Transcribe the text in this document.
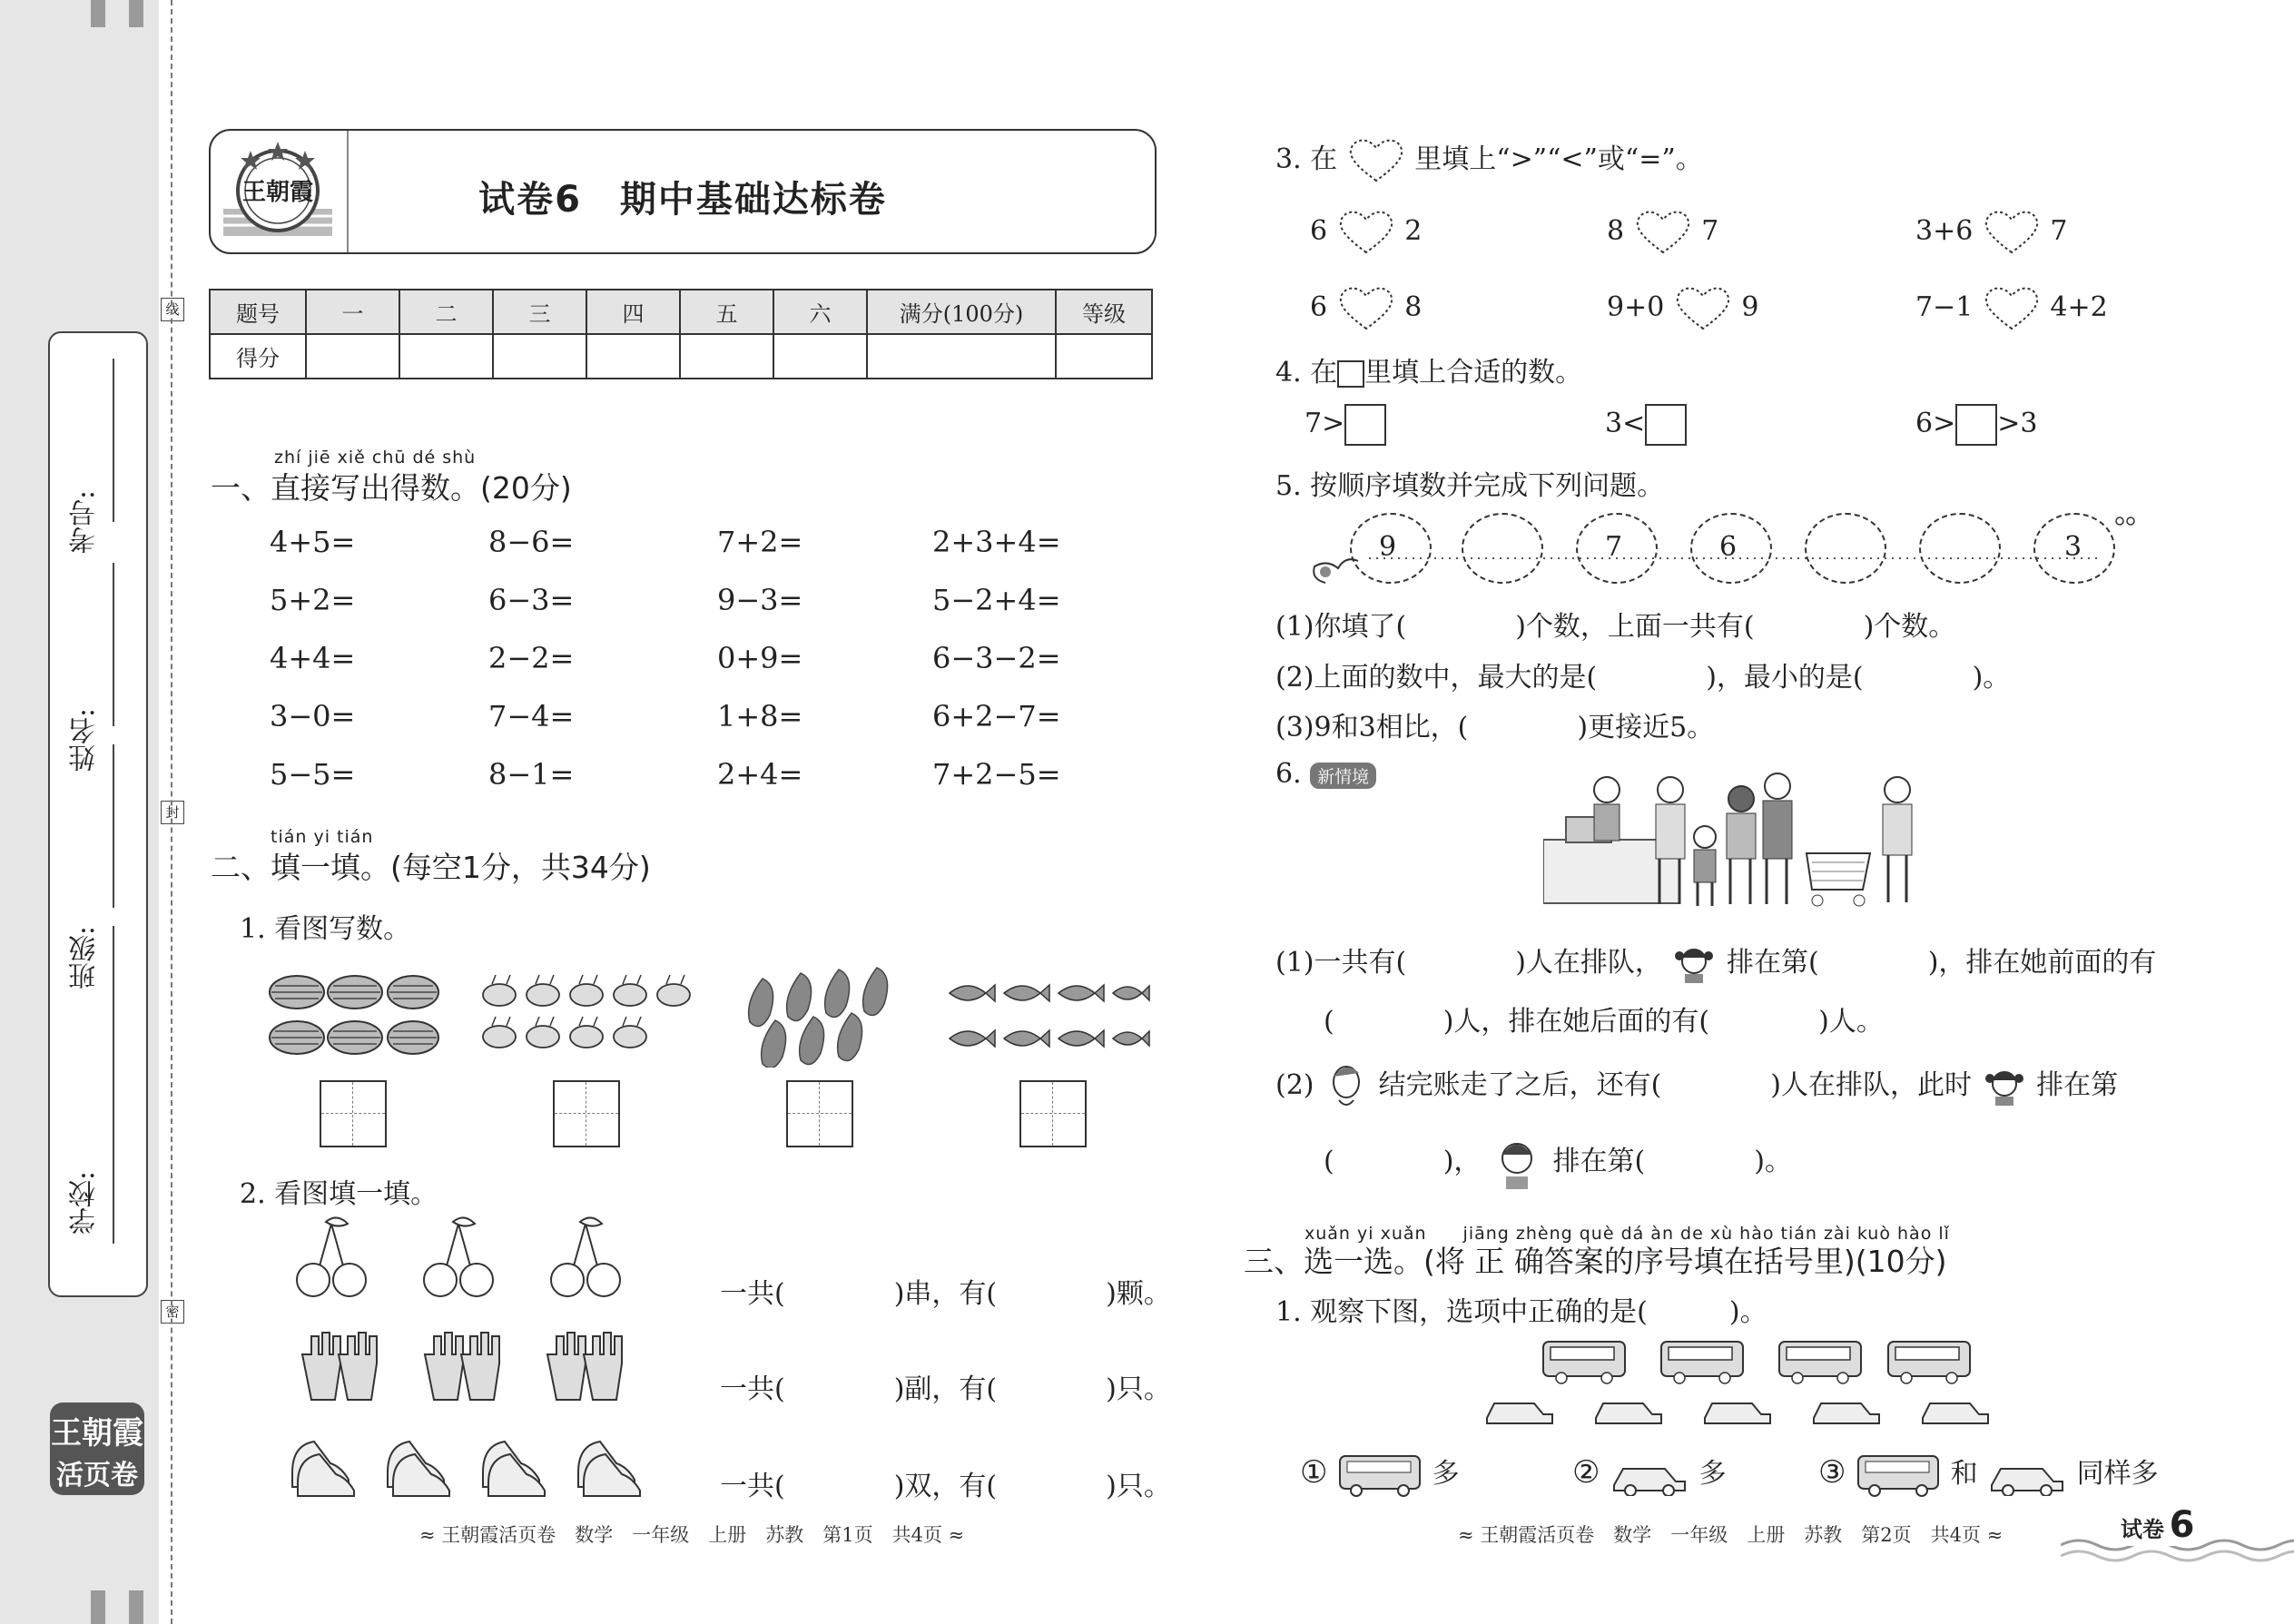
学校:
班级:
姓名:
考号:
线
封
密
王朝霞
活页卷
王朝霞	试卷6　期中基础达标卷
题号	一	二	三	四	五	六	满分(100分)	等级
得分								
zhí jiē xiě chū dé shù
一、直接写出得数。(20分)
4+5=	8−6=	7+2=	2+3+4=
5+2=	6−3=	9−3=	5−2+4=
4+4=	2−2=	0+9=	6−3−2=
3−0=	7−4=	1+8=	6+2−7=
5−5=	8−1=	2+4=	7+2−5=
tián yi tián
二、填一填。(每空1分，共34分)
1. 看图写数。
2. 看图填一填。
一共(　　　　)串，有(　　　　)颗。
一共(　　　　)副，有(　　　　)只。
一共(　　　　)双，有(　　　　)只。
≈ 王朝霞活页卷　数学　一年级　上册　苏教　第1页　共4页 ≈
3. 在	里填上“>”“<”或“=”。
6	2	8	7	3+6	7
6	8	9+0	9	7−1	4+2
4. 在 里填上合适的数。
7>	3<	6> >3
5. 按顺序填数并完成下列问题。
9	7	6	3
(1)你填了(　　　　)个数，上面一共有(　　　　)个数。
(2)上面的数中，最大的是(　　　　)，最小的是(　　　　)。
(3)9和3相比，(　　　　)更接近5。
6. 新情境
(1)一共有(　　　　)人在排队， 排在第(　　　　)，排在她前面的有
(　　　　)人，排在她后面的有(　　　　)人。
(2) 结完账走了之后，还有(　　　　)人在排队，此时 排在第
(　　　　)，	排在第(　　　　)。
xuǎn yi xuǎn　　jiāng zhèng què dá àn de xù hào tián zài kuò hào lǐ
三、选一选。(将 正 确答案的序号填在括号里)(10分)
1. 观察下图，选项中正确的是(　　　)。
①	多	②	多	③	和	同样多
≈ 王朝霞活页卷　数学　一年级　上册　苏教　第2页　共4页 ≈	试卷 6
